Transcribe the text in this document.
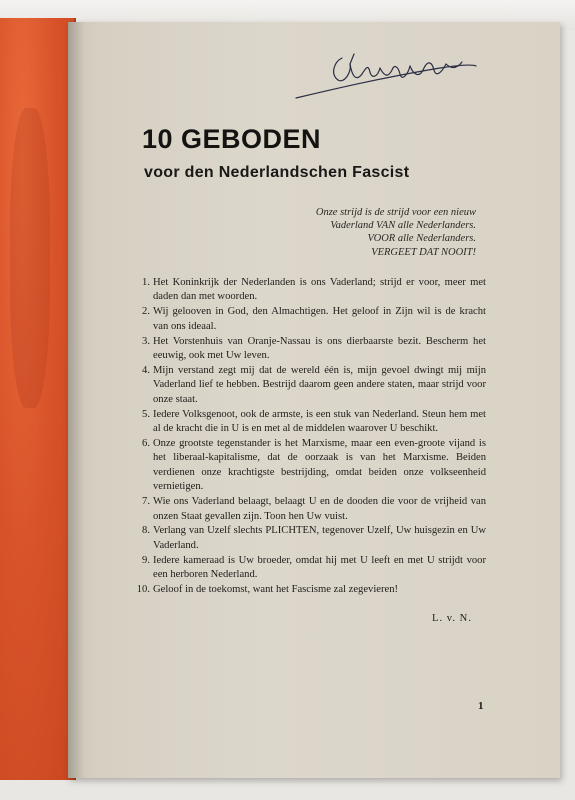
10 GEBODEN
voor den Nederlandschen Fascist
Onze strijd is de strijd voor een nieuw
Vaderland VAN alle Nederlanders.
VOOR alle Nederlanders.
VERGEET DAT NOOIT!
1. Het Koninkrijk der Nederlanden is ons Vaderland; strijd er voor, meer met daden dan met woorden.
2. Wij gelooven in God, den Almachtigen. Het geloof in Zijn wil is de kracht van ons ideaal.
3. Het Vorstenhuis van Oranje-Nassau is ons dierbaarste bezit. Bescherm het eeuwig, ook met Uw leven.
4. Mijn verstand zegt mij dat de wereld één is, mijn gevoel dwingt mij mijn Vaderland lief te hebben. Bestrijd daarom geen andere staten, maar strijd voor onze staat.
5. Iedere Volksgenoot, ook de armste, is een stuk van Nederland. Steun hem met al de kracht die in U is en met al de middelen waarover U beschikt.
6. Onze grootste tegenstander is het Marxisme, maar een even-groote vijand is het liberaal-kapitalisme, dat de oorzaak is van het Marxisme. Beiden verdienen onze krachtigste bestrijding, omdat beiden onze volkseenheid vernietigen.
7. Wie ons Vaderland belaagt, belaagt U en de dooden die voor de vrijheid van onzen Staat gevallen zijn. Toon hen Uw vuist.
8. Verlang van Uzelf slechts PLICHTEN, tegenover Uzelf, Uw huisgezin en Uw Vaderland.
9. Iedere kameraad is Uw broeder, omdat hij met U leeft en met U strijdt voor een herboren Nederland.
10. Geloof in de toekomst, want het Fascisme zal zegevieren!
L. v. N.
1
